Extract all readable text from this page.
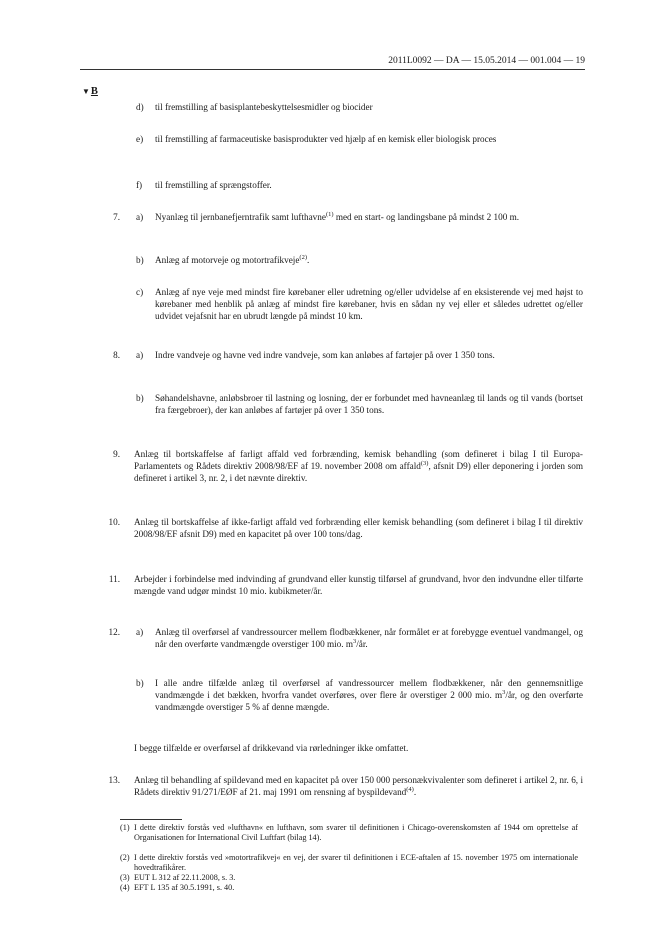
2011L0092 — DA — 15.05.2014 — 001.004 — 19
▼B
d) til fremstilling af basisplantebeskyttelsesmidler og biocider
e) til fremstilling af farmaceutiske basisprodukter ved hjælp af en kemisk eller biologisk proces
f) til fremstilling af sprængstoffer.
7. a) Nyanlæg til jernbanefjerntrafik samt lufthavne$^{(1)}$ med en start- og landingsbane på mindst 2 100 m.
b) Anlæg af motorveje og motortrafikveje$^{(2)}$.
c) Anlæg af nye veje med mindst fire kørebaner eller udretning og/eller udvidelse af en eksisterende vej med højst to kørebaner med henblik på anlæg af mindst fire kørebaner, hvis en sådan ny vej eller et således udrettet og/eller udvidet vejafsnit har en ubrudt længde på mindst 10 km.
8. a) Indre vandveje og havne ved indre vandveje, som kan anløbes af fartøjer på over 1 350 tons.
b) Søhandelshavne, anløbsbroer til lastning og losning, der er forbundet med havneanlæg til lands og til vands (bortset fra færgebroer), der kan anløbes af fartøjer på over 1 350 tons.
9. Anlæg til bortskaffelse af farligt affald ved forbrænding, kemisk behandling (som defineret i bilag I til Europa-Parlamentets og Rådets direktiv 2008/98/EF af 19. november 2008 om affald$^{(3)}$, afsnit D9) eller deponering i jorden som defineret i artikel 3, nr. 2, i det nævnte direktiv.
10. Anlæg til bortskaffelse af ikke-farligt affald ved forbrænding eller kemisk behandling (som defineret i bilag I til direktiv 2008/98/EF afsnit D9) med en kapacitet på over 100 tons/dag.
11. Arbejder i forbindelse med indvinding af grundvand eller kunstig tilførsel af grundvand, hvor den indvundne eller tilførte mængde vand udgør mindst 10 mio. kubikmeter/år.
12. a) Anlæg til overførsel af vandressourcer mellem flodbækkener, når formålet er at forebygge eventuel vandmangel, og når den overførte vandmængde overstiger 100 mio. $m^3/år$.
b) I alle andre tilfælde anlæg til overførsel af vandressourcer mellem flodbækkener, når den gennemsnitlige vandmængde i det bækken, hvorfra vandet overføres, over flere år overstiger 2 000 mio. $m^3/år$, og den overførte vandmængde overstiger 5 % af denne mængde.
I begge tilfælde er overførsel af drikkevand via rørledninger ikke omfattet.
13. Anlæg til behandling af spildevand med en kapacitet på over 150 000 personækvivalenter som defineret i artikel 2, nr. 6, i Rådets direktiv 91/271/EØF af 21. maj 1991 om rensning af byspildevand$^{(4)}$.
(1) I dette direktiv forstås ved »lufthavn« en lufthavn, som svarer til definitionen i Chicago-overenskomsten af 1944 om oprettelse af Organisationen for International Civil Luftfart (bilag 14).
(2) I dette direktiv forstås ved »motortrafikvej« en vej, der svarer til definitionen i ECE-aftalen af 15. november 1975 om internationale hovedtrafikårer.
(3) EUT L 312 af 22.11.2008, s. 3.
(4) EFT L 135 af 30.5.1991, s. 40.
